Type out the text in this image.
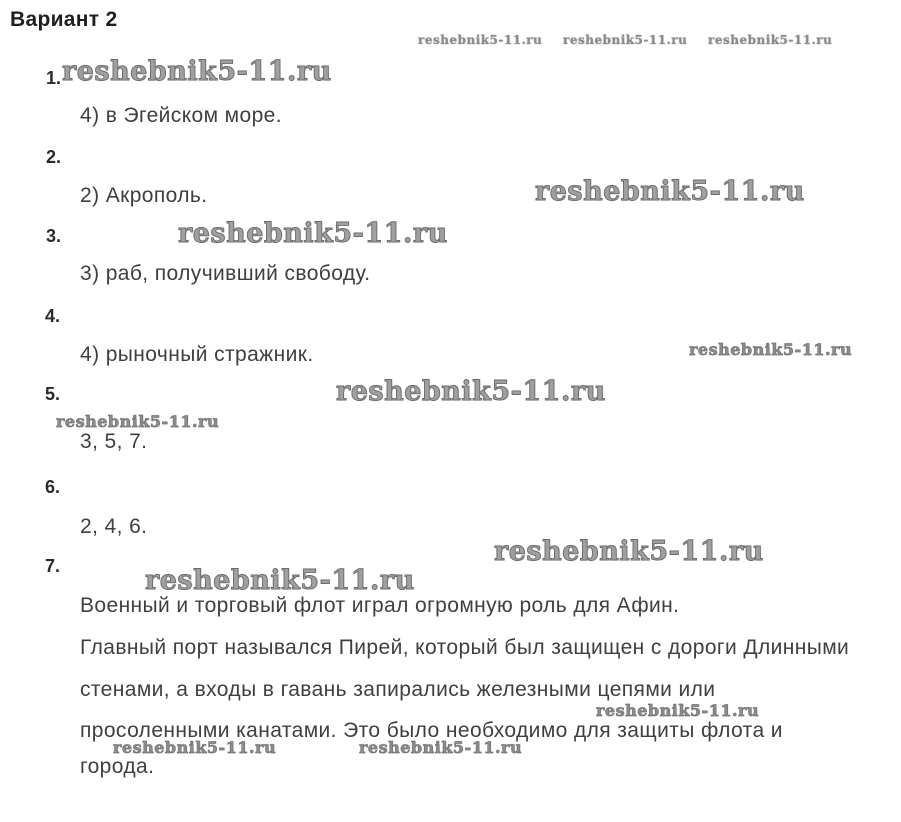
Вариант 2
reshebnik5-11.ru reshebnik5-11.ru reshebnik5-11.ru
1. reshebnik5-11.ru
4) в Эгейском море.
2.
2) Акрополь.	reshebnik5-11.ru
3.	reshebnik5-11.ru
3) раб, получивший свободу.
4.
4) рыночный стражник.	reshebnik5-11.ru
5.	reshebnik5-11.ru
reshebnik5-11.ru
3, 5, 7.
6.
2, 4, 6.
7.	reshebnik5-11.ru
reshebnik5-11.ru
Военный и торговый флот играл огромную роль для Афин.
Главный порт назывался Пирей, который был защищен с дороги Длинными
стенами, а входы в гавань запирались железными цепями или
reshebnik5-11.ru
просоленными канатами. Это было необходимо для защиты флота и
reshebnik5-11.ru	reshebnik5-11.ru
города.
